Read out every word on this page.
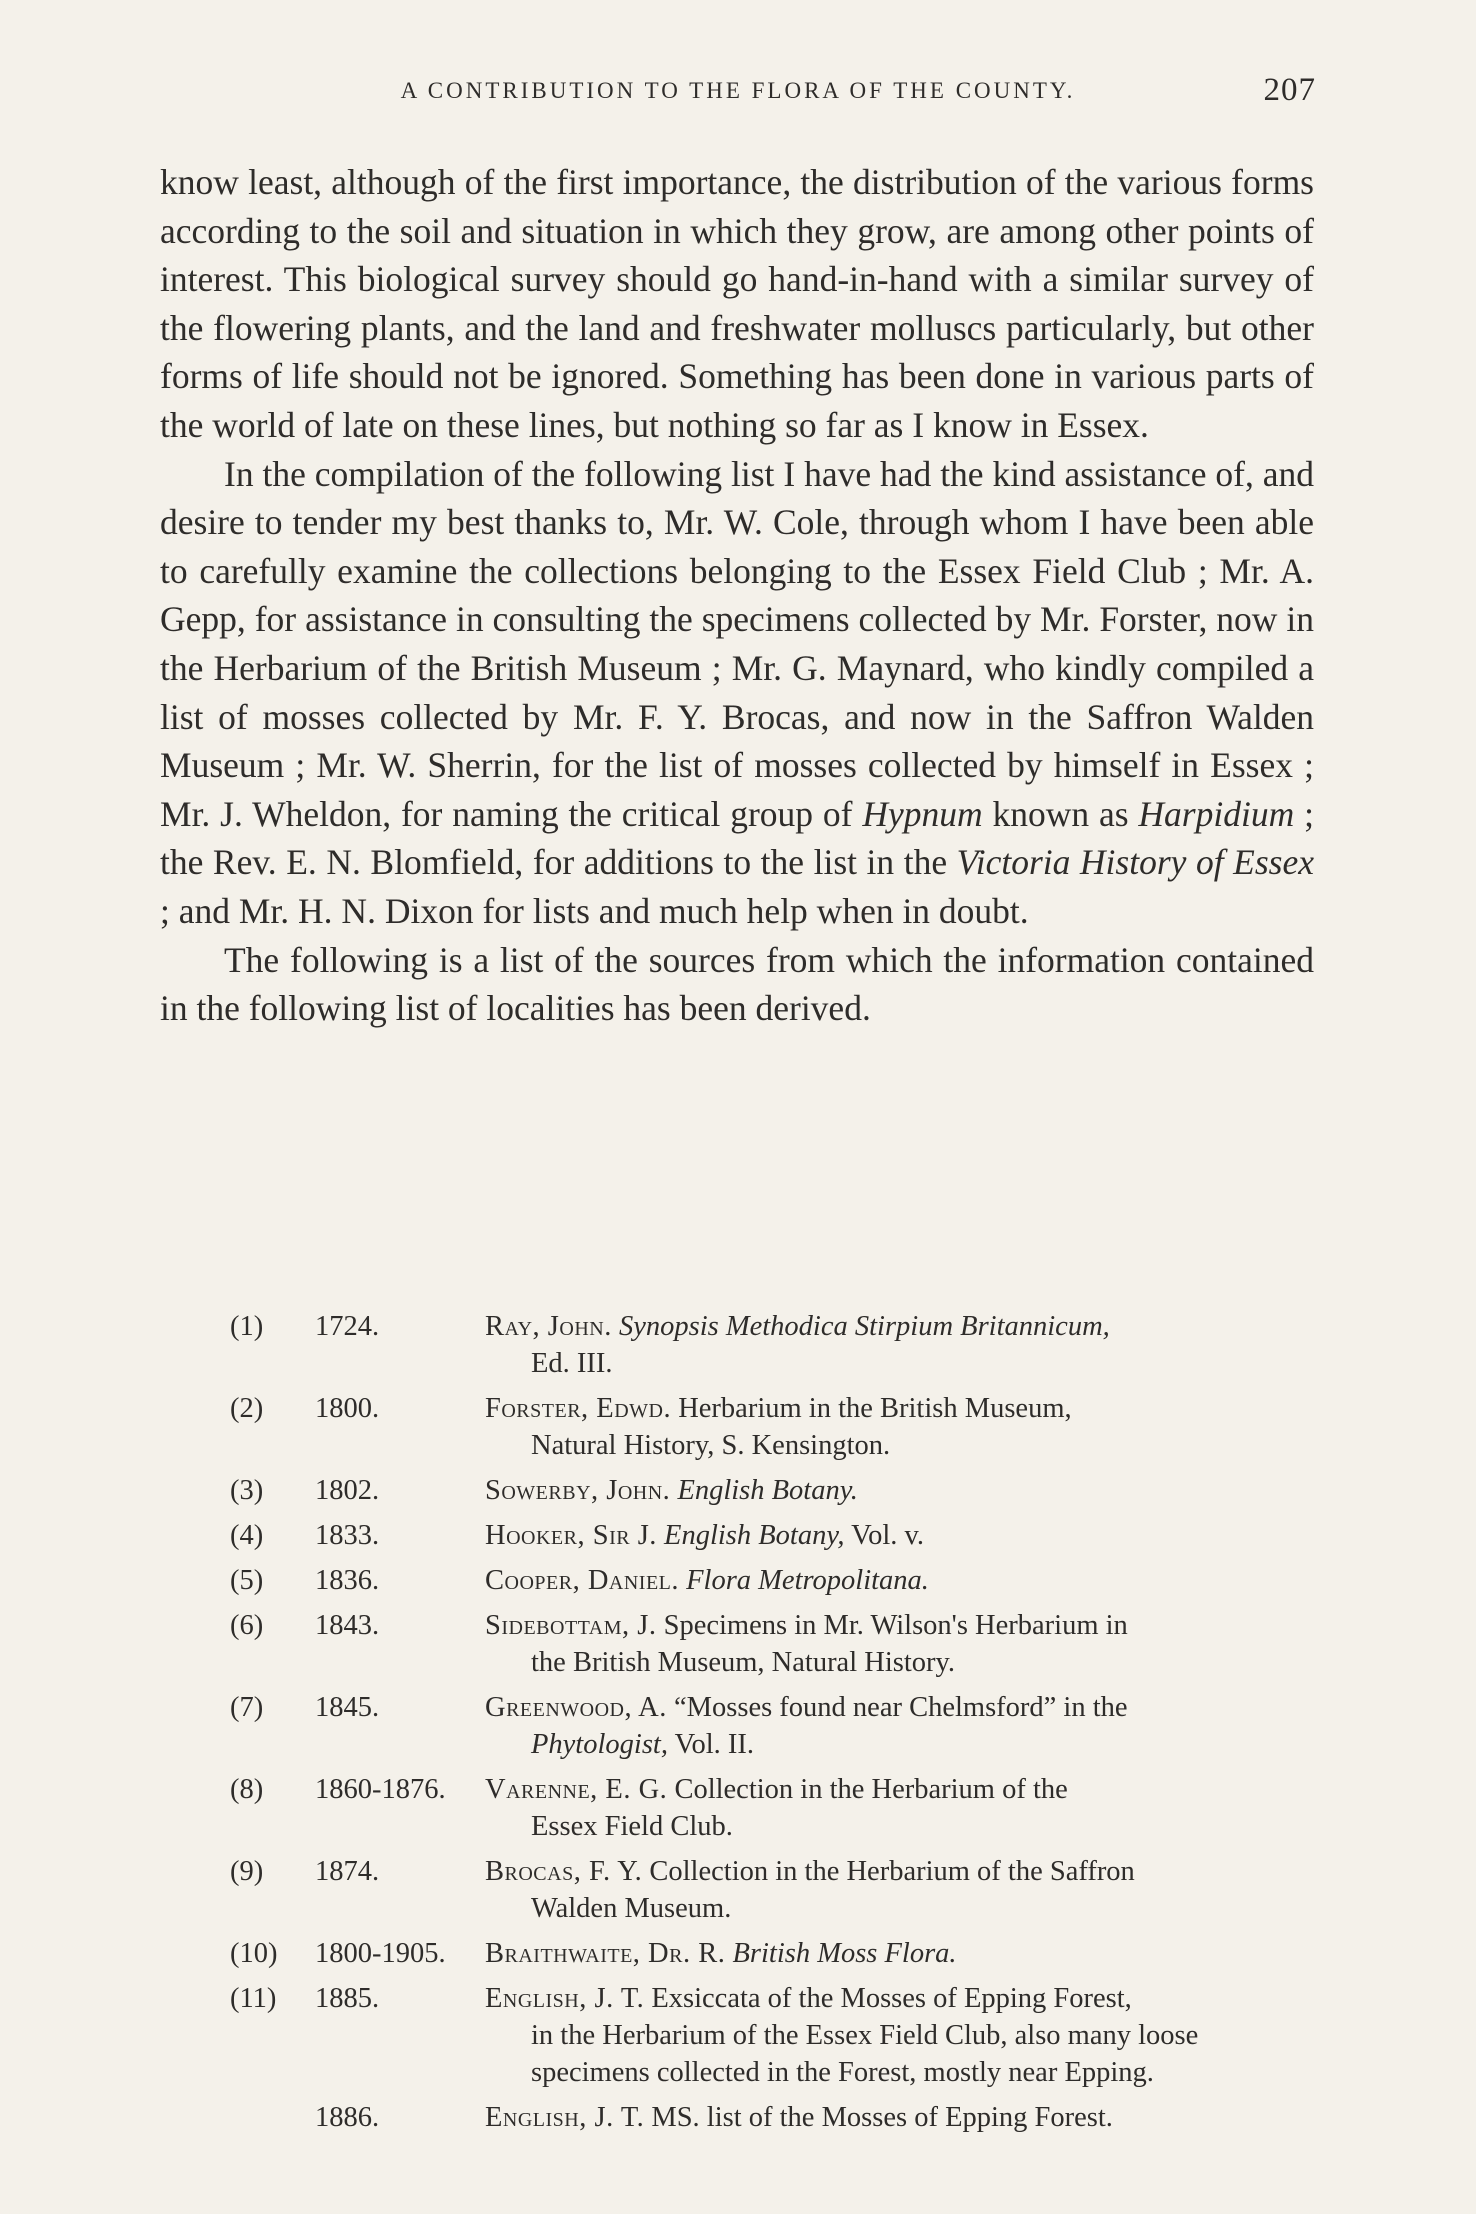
A CONTRIBUTION TO THE FLORA OF THE COUNTY.	207

know least, although of the first importance, the distribution of the various forms according to the soil and situation in which they grow, are among other points of interest. This biological survey should go hand-in-hand with a similar survey of the flowering plants, and the land and freshwater molluscs particularly, but other forms of life should not be ignored. Something has been done in various parts of the world of late on these lines, but nothing so far as I know in Essex.

In the compilation of the following list I have had the kind assistance of, and desire to tender my best thanks to, Mr. W. Cole, through whom I have been able to carefully examine the collections belonging to the Essex Field Club ; Mr. A. Gepp, for assistance in consulting the specimens collected by Mr. Forster, now in the Herbarium of the British Museum ; Mr. G. Maynard, who kindly compiled a list of mosses collected by Mr. F. Y. Brocas, and now in the Saffron Walden Museum ; Mr. W. Sherrin, for the list of mosses collected by himself in Essex ; Mr. J. Wheldon, for naming the critical group of Hypnum known as Harpidium ; the Rev. E. N. Blomfield, for additions to the list in the Victoria History of Essex ; and Mr. H. N. Dixon for lists and much help when in doubt.

The following is a list of the sources from which the information contained in the following list of localities has been derived.

(1)	1724.	Ray, John. Synopsis Methodica Stirpium Britannicum,
Ed. III.
(2)	1800.	Forster, Edwd. Herbarium in the British Museum,
Natural History, S. Kensington.
(3)	1802.	Sowerby, John. English Botany.
(4)	1833.	Hooker, Sir J. English Botany, Vol. v.
(5)	1836.	Cooper, Daniel. Flora Metropolitana.
(6)	1843.	Sidebottam, J. Specimens in Mr. Wilson's Herbarium in
the British Museum, Natural History.
(7)	1845.	Greenwood, A. “Mosses found near Chelmsford” in the
Phytologist, Vol. II.
(8)	1860-1876.	Varenne, E. G. Collection in the Herbarium of the
Essex Field Club.
(9)	1874.	Brocas, F. Y. Collection in the Herbarium of the Saffron
Walden Museum.
(10)	1800-1905.	Braithwaite, Dr. R. British Moss Flora.
(11)	1885.	English, J. T. Exsiccata of the Mosses of Epping Forest,
in the Herbarium of the Essex Field Club, also many loose specimens collected in the Forest, mostly near Epping.
1886.	English, J. T. MS. list of the Mosses of Epping Forest.
